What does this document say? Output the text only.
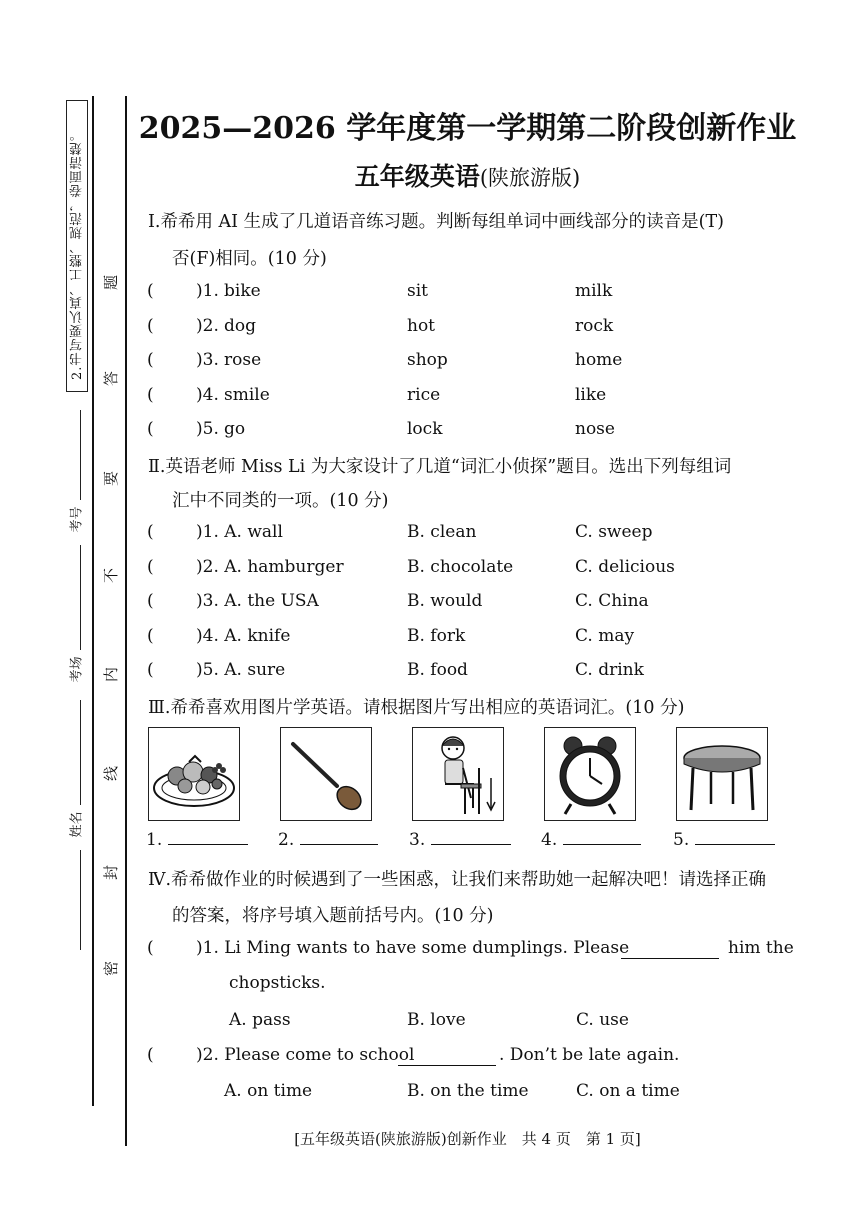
2.书写要认真、工整、规范，卷面清楚。
考号
考场
姓名
题
答
要
不
内
线
封
密
2025—2026 学年度第一学期第二阶段创新作业
五年级英语(陕旅游版)
Ⅰ.希希用 AI 生成了几道语音练习题。判断每组单词中画线部分的读音是(T)
否(F)相同。(10 分)
( )1. bike	sit	milk
( )2. dog	hot	rock
( )3. rose	shop	home
( )4. smile	rice	like
( )5. go	lock	nose
Ⅱ.英语老师 Miss Li 为大家设计了几道“词汇小侦探”题目。选出下列每组词
汇中不同类的一项。(10 分)
( )1. A. wall	B. clean	C. sweep
( )2. A. hamburger	B. chocolate	C. delicious
( )3. A. the USA	B. would	C. China
( )4. A. knife	B. fork	C. may
( )5. A. sure	B. food	C. drink
Ⅲ.希希喜欢用图片学英语。请根据图片写出相应的英语词汇。(10 分)
1.	2.	3.	4.	5.
Ⅳ.希希做作业的时候遇到了一些困惑，让我们来帮助她一起解决吧！请选择正确
的答案，将序号填入题前括号内。(10 分)
( )1. Li Ming wants to have some dumplings. Please	him the
chopsticks.
A. pass	B. love	C. use
( )2. Please come to school	. Don’t be late again.
A. on time	B. on the time	C. on a time
[五年级英语(陕旅游版)创新作业　共 4 页　第 1 页]
